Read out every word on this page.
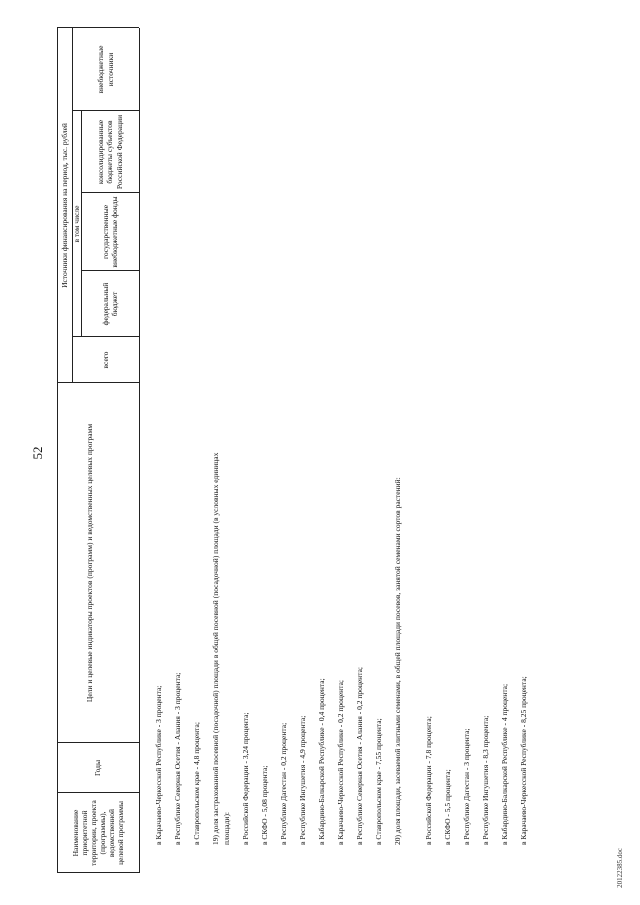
52
20122385.doc
Наименование приоритетной территории, проекта (программы), ведомственной целевой программы
Годы
Цели и целевые индикаторы проектов (программ) и ведомственных целевых программ
Источники финансирования на период, тыс. рублей
всего
в том числе
федеральный бюджет
государственные внебюджетные фонды
консолидированные бюджеты субъектов Российской Федерации
внебюджетные источники
в Карачаево-Черкесской Республике - 3 процента; в Республике Северная Осетия - Алания - 3 процента; в Ставропольском крае - 4,8 процента; 19) доля застрахованной посевной (посадочной) площади в общей посевной (посадочной) площади (в условных единицах площади): в Российской Федерации - 3,24 процента; в СКФО - 5,08 процента; в Республике Дагестан - 0,2 процента; в Республике Ингушетия - 4,9 процента; в Кабардино-Балкарской Республике - 0,4 процента; в Карачаево-Черкесской Республике - 0,2 процента; в Республике Северная Осетия - Алания - 0,2 процента; в Ставропольском крае - 7,55 процента; 20) доля площади, засеваемой элитными семенами, в общей площади посевов, занятой семенами сортов растений:	в Российской Федерации - 7,8 процента; в СКФО - 5,5 процента; в Республике Дагестан - 3 процента; в Республике Ингушетия - 8,3 процента; в Кабардино-Балкарской Республике - 4 процента; в Карачаево-Черкесской Республике - 8,25 процента;
